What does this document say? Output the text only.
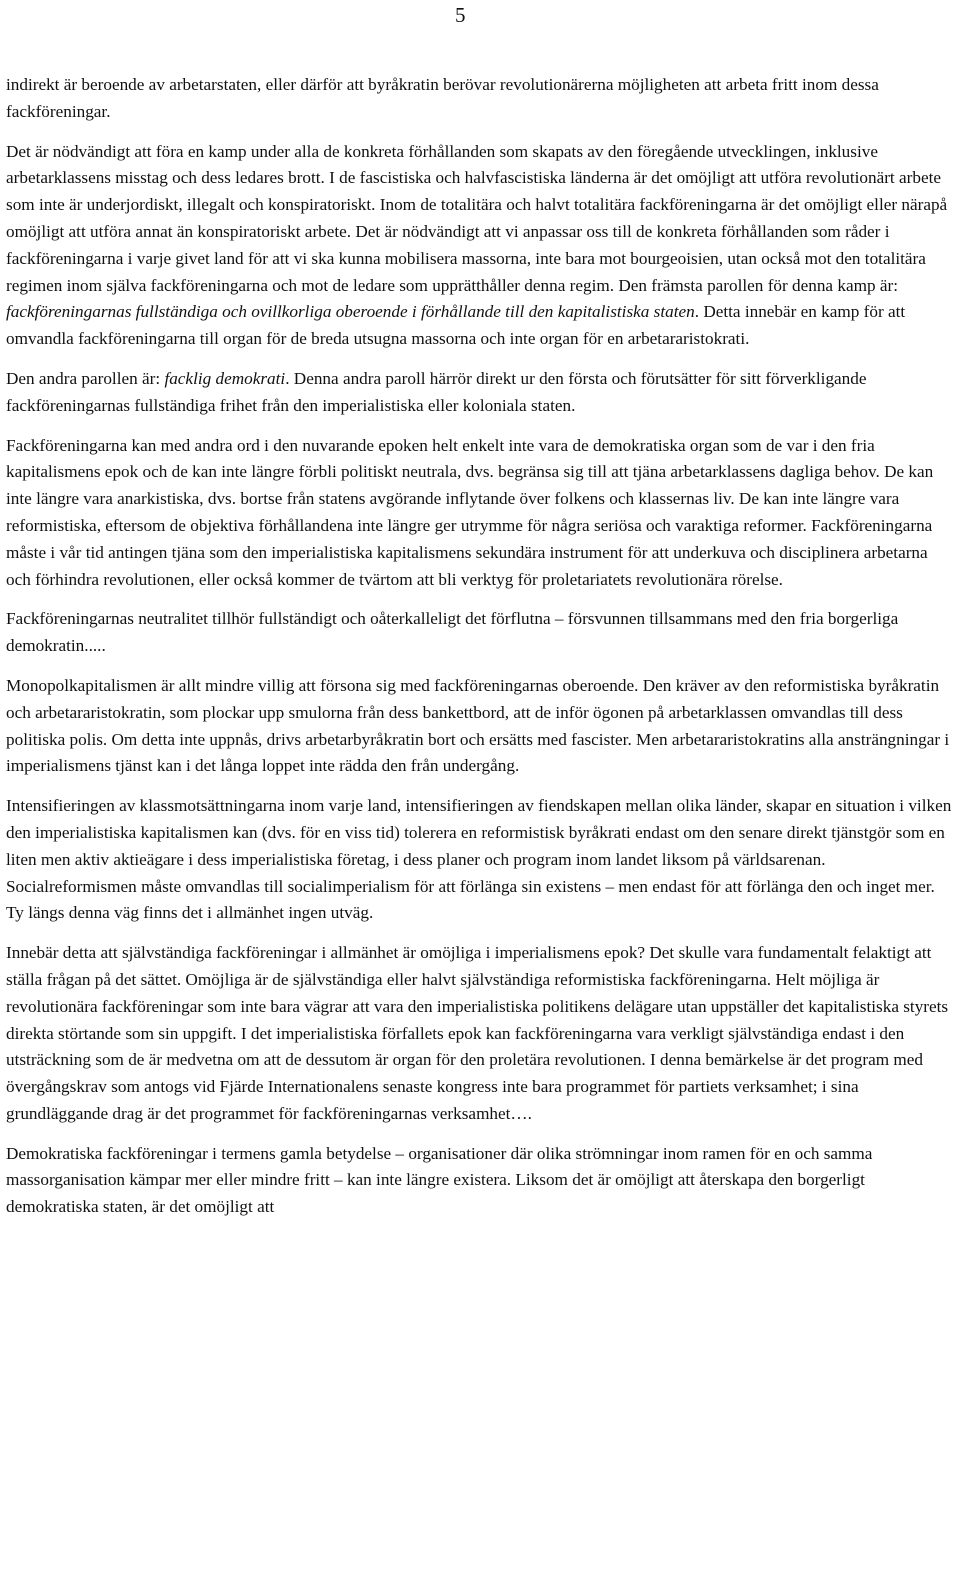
5

indirekt är beroende av arbetarstaten, eller därför att byråkratin berövar revolutionärerna möjligheten att arbeta fritt inom dessa fackföreningar.

Det är nödvändigt att föra en kamp under alla de konkreta förhållanden som skapats av den föregående utvecklingen, inklusive arbetarklassens misstag och dess ledares brott. I de fascistiska och halvfascistiska länderna är det omöjligt att utföra revolutionärt arbete som inte är underjordiskt, illegalt och konspiratoriskt. Inom de totalitära och halvt totalitära fackföreningarna är det omöjligt eller närapå omöjligt att utföra annat än konspiratoriskt arbete. Det är nödvändigt att vi anpassar oss till de konkreta förhållanden som råder i fackföreningarna i varje givet land för att vi ska kunna mobilisera massorna, inte bara mot bourgeoisien, utan också mot den totalitära regimen inom själva fackföreningarna och mot de ledare som upprätthåller denna regim. Den främsta parollen för denna kamp är: fackföreningarnas fullständiga och ovillkorliga oberoende i förhållande till den kapitalistiska staten. Detta innebär en kamp för att omvandla fackföreningarna till organ för de breda utsugna massorna och inte organ för en arbetararistokrati.

Den andra parollen är: facklig demokrati. Denna andra paroll härrör direkt ur den första och förutsätter för sitt förverkligande fackföreningarnas fullständiga frihet från den imperialistiska eller koloniala staten.

Fackföreningarna kan med andra ord i den nuvarande epoken helt enkelt inte vara de demokratiska organ som de var i den fria kapitalismens epok och de kan inte längre förbli politiskt neutrala, dvs. begränsa sig till att tjäna arbetarklassens dagliga behov. De kan inte längre vara anarkistiska, dvs. bortse från statens avgörande inflytande över folkens och klassernas liv. De kan inte längre vara reformistiska, eftersom de objektiva förhållandena inte längre ger utrymme för några seriösa och varaktiga reformer. Fackföreningarna måste i vår tid antingen tjäna som den imperialistiska kapitalismens sekundära instrument för att underkuva och disciplinera arbetarna och förhindra revolutionen, eller också kommer de tvärtom att bli verktyg för proletariatets revolutionära rörelse.

Fackföreningarnas neutralitet tillhör fullständigt och oåterkalleligt det förflutna – försvunnen tillsammans med den fria borgerliga demokratin.....

Monopolkapitalismen är allt mindre villig att försona sig med fackföreningarnas oberoende. Den kräver av den reformistiska byråkratin och arbetararistokratin, som plockar upp smulorna från dess bankettbord, att de inför ögonen på arbetarklassen omvandlas till dess politiska polis. Om detta inte uppnås, drivs arbetarbyråkratin bort och ersätts med fascister. Men arbetararistokratins alla ansträngningar i imperialismens tjänst kan i det långa loppet inte rädda den från undergång.

Intensifieringen av klassmotsättningarna inom varje land, intensifieringen av fiendskapen mellan olika länder, skapar en situation i vilken den imperialistiska kapitalismen kan (dvs. för en viss tid) tolerera en reformistisk byråkrati endast om den senare direkt tjänstgör som en liten men aktiv aktieägare i dess imperialistiska företag, i dess planer och program inom landet liksom på världsarenan. Socialreformismen måste omvandlas till socialimperialism för att förlänga sin existens – men endast för att förlänga den och inget mer. Ty längs denna väg finns det i allmänhet ingen utväg.

Innebär detta att självständiga fackföreningar i allmänhet är omöjliga i imperialismens epok? Det skulle vara fundamentalt felaktigt att ställa frågan på det sättet. Omöjliga är de självständiga eller halvt självständiga reformistiska fackföreningarna. Helt möjliga är revolutionära fackföreningar som inte bara vägrar att vara den imperialistiska politikens delägare utan uppställer det kapitalistiska styrets direkta störtande som sin uppgift. I det imperialistiska förfallets epok kan fackföreningarna vara verkligt självständiga endast i den utsträckning som de är medvetna om att de dessutom är organ för den proletära revolutionen. I denna bemärkelse är det program med övergångskrav som antogs vid Fjärde Internationalens senaste kongress inte bara programmet för partiets verksamhet; i sina grundläggande drag är det programmet för fackföreningarnas verksamhet….

Demokratiska fackföreningar i termens gamla betydelse – organisationer där olika strömningar inom ramen för en och samma massorganisation kämpar mer eller mindre fritt – kan inte längre existera. Liksom det är omöjligt att återskapa den borgerligt demokratiska staten, är det omöjligt att
